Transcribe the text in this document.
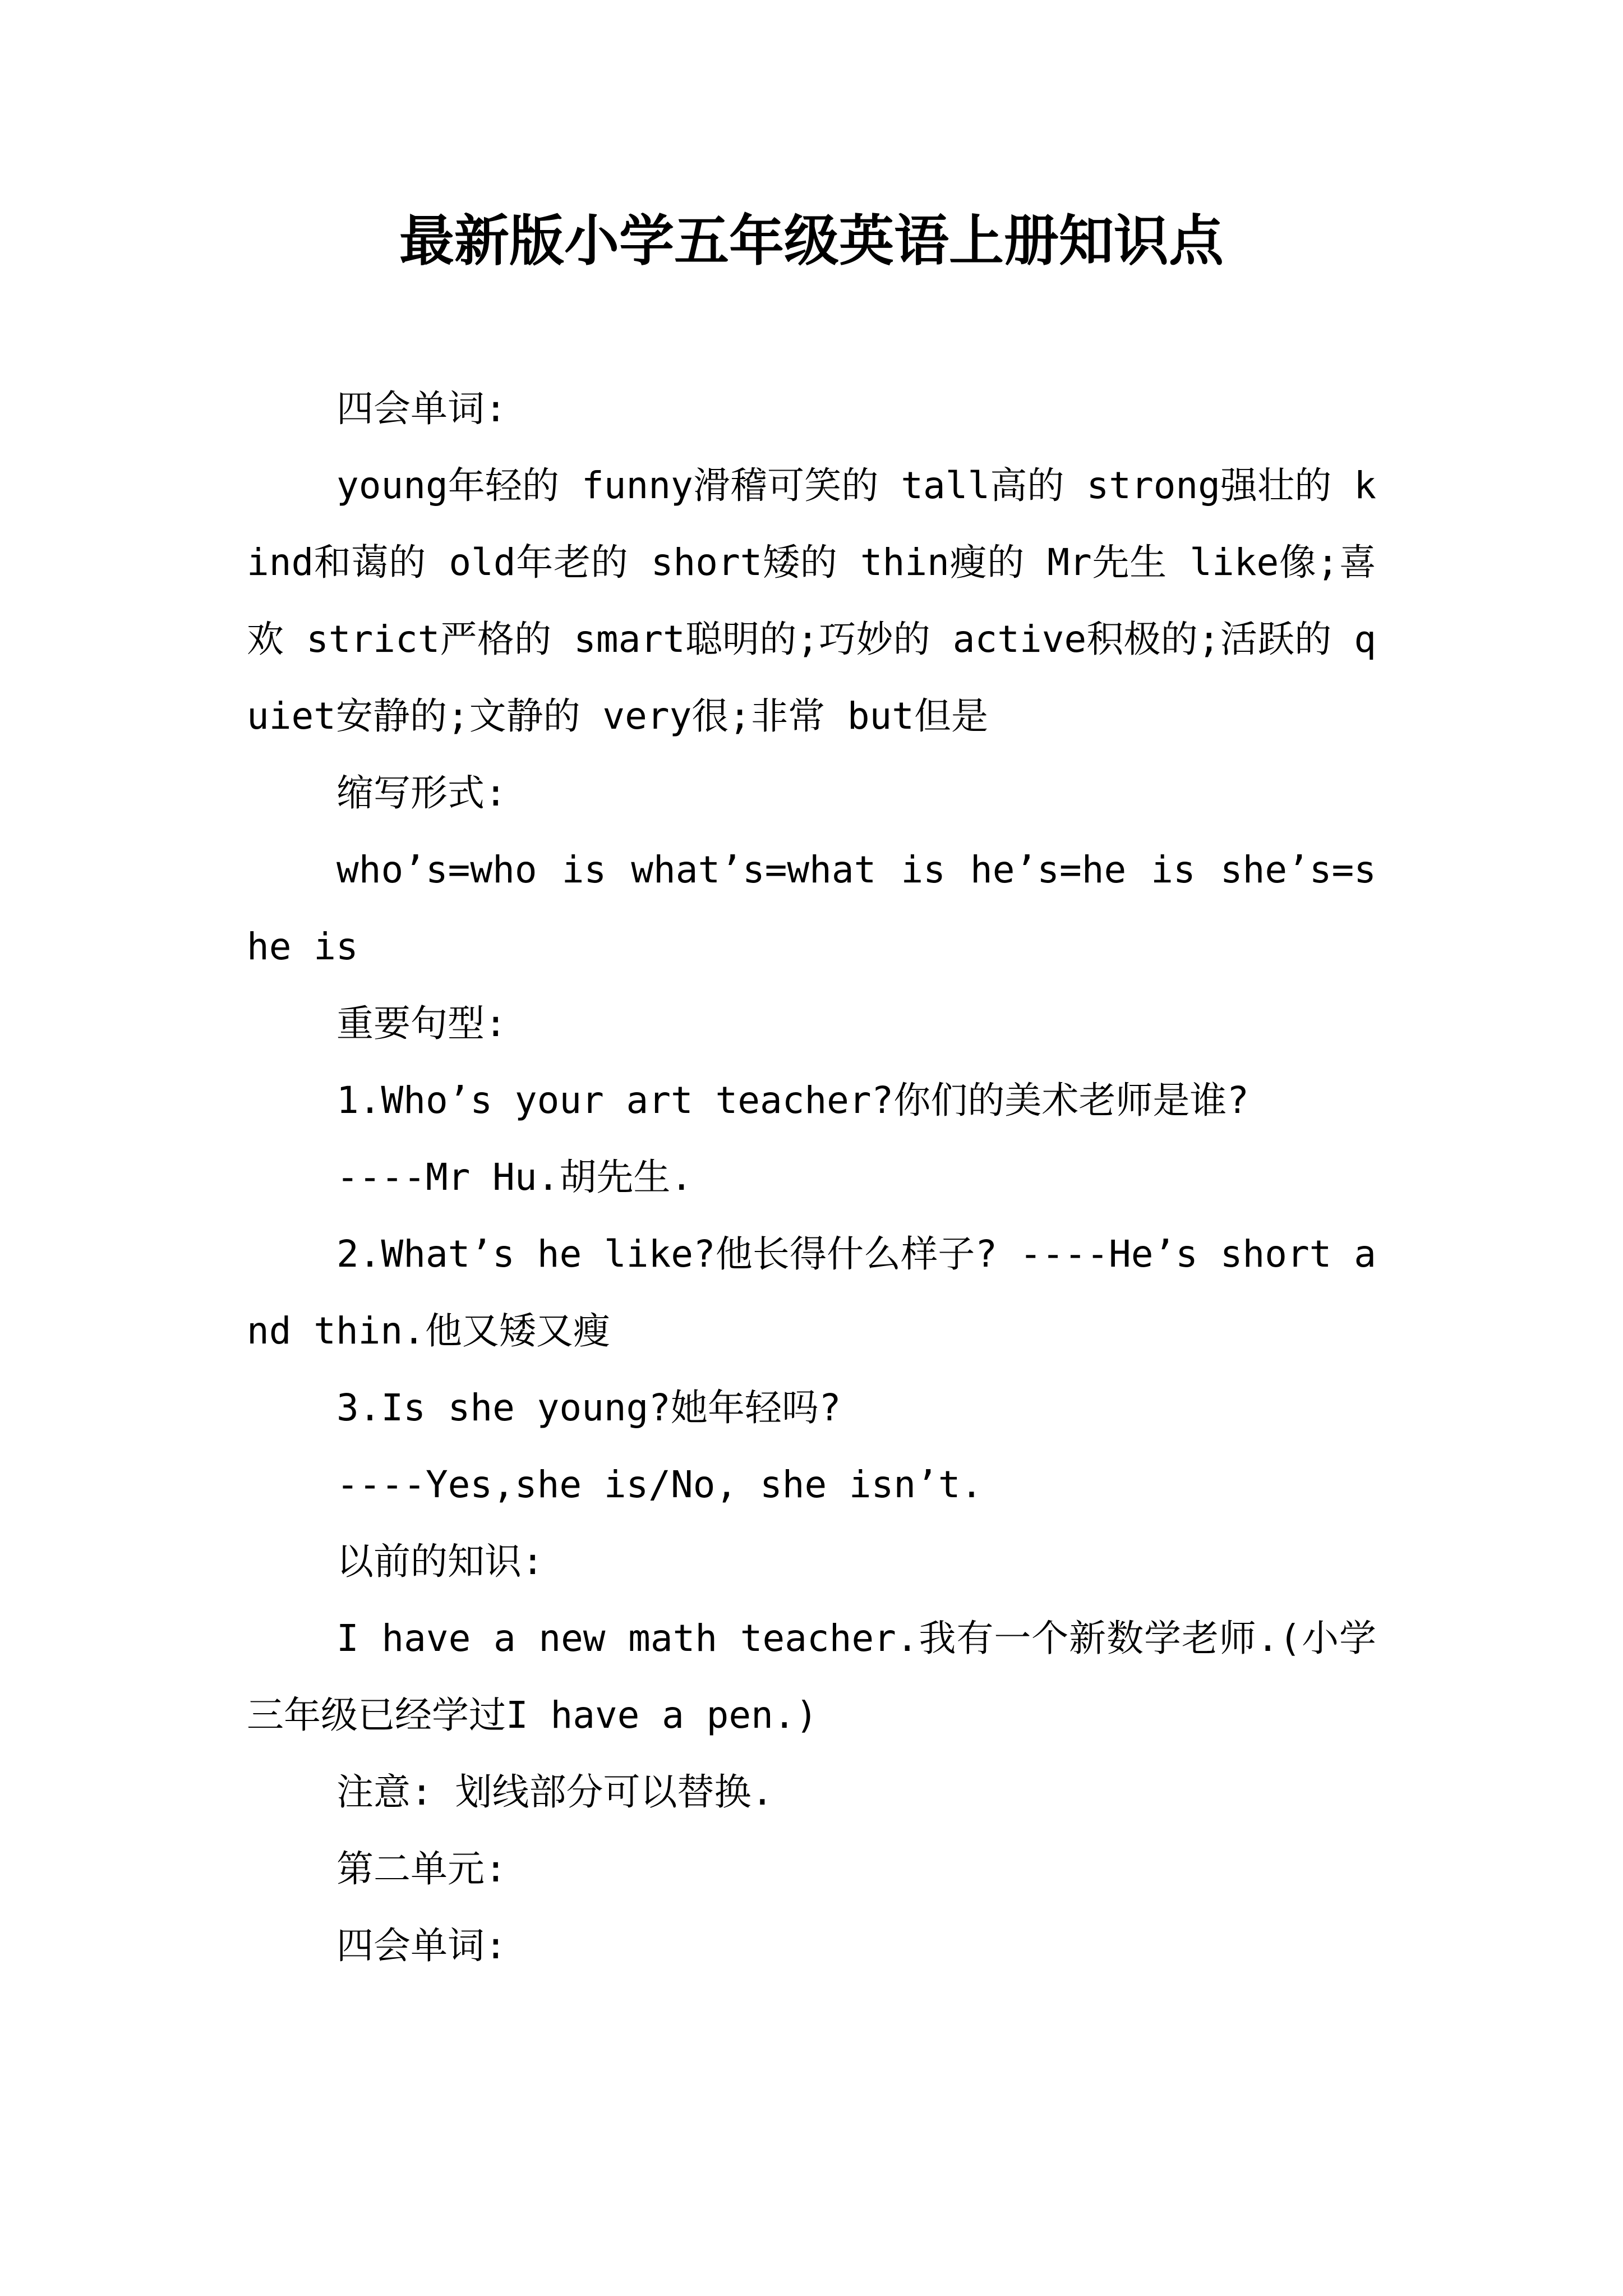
最新版小学五年级英语上册知识点

四会单词:

young年轻的 funny滑稽可笑的 tall高的 strong强壮的 kind和蔼的 old年老的 short矮的 thin瘦的 Mr先生 like像;喜欢 strict严格的 smart聪明的;巧妙的 active积极的;活跃的 quiet安静的;文静的 very很;非常 but但是

缩写形式:

who’s=who is what’s=what is he’s=he is she’s=she is

重要句型:

1.Who’s your art teacher?你们的美术老师是谁?

----Mr Hu.胡先生.

2.What’s he like?他长得什么样子? ----He’s short and thin.他又矮又瘦

3.Is she young?她年轻吗?

----Yes,she is/No, she isn’t.

以前的知识:

I have a new math teacher.我有一个新数学老师.(小学三年级已经学过I have a pen.)

注意: 划线部分可以替换.

第二单元:

四会单词:
